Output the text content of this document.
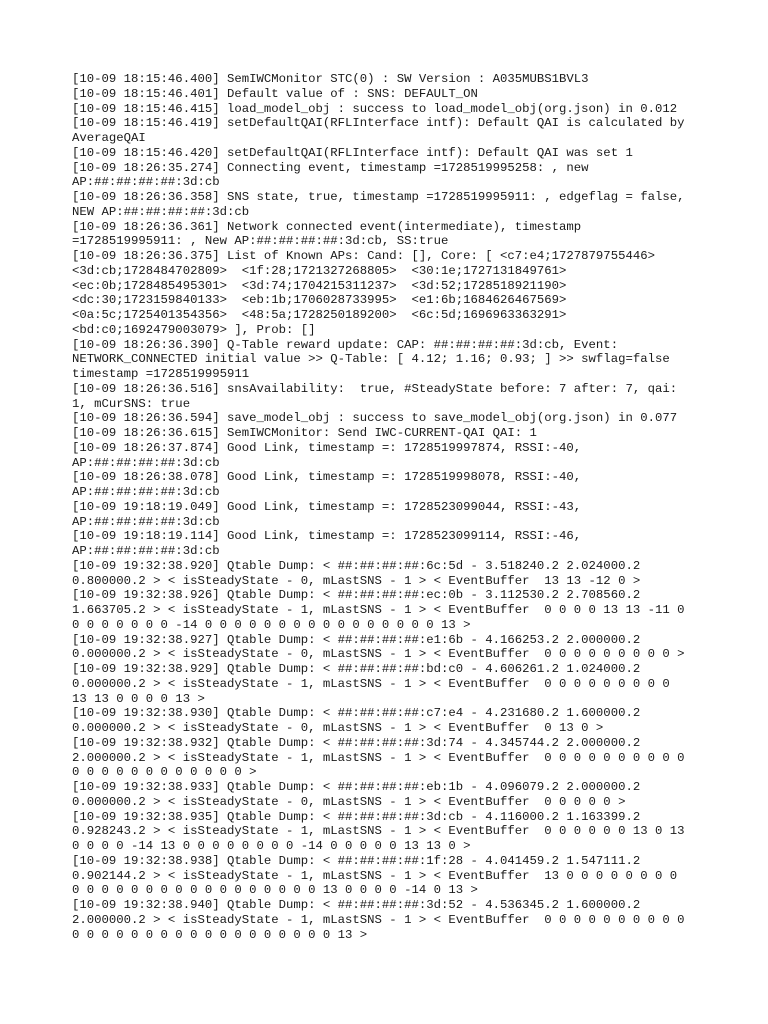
[10-09 18:15:46.400] SemIWCMonitor STC(0) : SW Version : A035MUBS1BVL3
[10-09 18:15:46.401] Default value of : SNS: DEFAULT_ON
[10-09 18:15:46.415] load_model_obj : success to load_model_obj(org.json) in 0.012
[10-09 18:15:46.419] setDefaultQAI(RFLInterface intf): Default QAI is calculated by
AverageQAI
[10-09 18:15:46.420] setDefaultQAI(RFLInterface intf): Default QAI was set 1
[10-09 18:26:35.274] Connecting event, timestamp =1728519995258: , new
AP:##:##:##:##:3d:cb
[10-09 18:26:36.358] SNS state, true, timestamp =1728519995911: , edgeflag = false,
NEW AP:##:##:##:##:3d:cb
[10-09 18:26:36.361] Network connected event(intermediate), timestamp
=1728519995911: , New AP:##:##:##:##:3d:cb, SS:true
[10-09 18:26:36.375] List of Known APs: Cand: [], Core: [ <c7:e4;1727879755446>
<3d:cb;1728484702809>  <1f:28;1721327268805>  <30:1e;1727131849761>
<ec:0b;1728485495301>  <3d:74;1704215311237>  <3d:52;1728518921190>
<dc:30;1723159840133>  <eb:1b;1706028733995>  <e1:6b;1684626467569>
<0a:5c;1725401354356>  <48:5a;1728250189200>  <6c:5d;1696963363291>
<bd:c0;1692479003079> ], Prob: []
[10-09 18:26:36.390] Q-Table reward update: CAP: ##:##:##:##:3d:cb, Event:
NETWORK_CONNECTED initial value >> Q-Table: [ 4.12; 1.16; 0.93; ] >> swflag=false
timestamp =1728519995911
[10-09 18:26:36.516] snsAvailability:  true, #SteadyState before: 7 after: 7, qai:
1, mCurSNS: true
[10-09 18:26:36.594] save_model_obj : success to save_model_obj(org.json) in 0.077
[10-09 18:26:36.615] SemIWCMonitor: Send IWC-CURRENT-QAI QAI: 1
[10-09 18:26:37.874] Good Link, timestamp =: 1728519997874, RSSI:-40,
AP:##:##:##:##:3d:cb
[10-09 18:26:38.078] Good Link, timestamp =: 1728519998078, RSSI:-40,
AP:##:##:##:##:3d:cb
[10-09 19:18:19.049] Good Link, timestamp =: 1728523099044, RSSI:-43,
AP:##:##:##:##:3d:cb
[10-09 19:18:19.114] Good Link, timestamp =: 1728523099114, RSSI:-46,
AP:##:##:##:##:3d:cb
[10-09 19:32:38.920] Qtable Dump: < ##:##:##:##:6c:5d - 3.518240.2 2.024000.2
0.800000.2 > < isSteadyState - 0, mLastSNS - 1 > < EventBuffer  13 13 -12 0 >
[10-09 19:32:38.926] Qtable Dump: < ##:##:##:##:ec:0b - 3.112530.2 2.708560.2
1.663705.2 > < isSteadyState - 1, mLastSNS - 1 > < EventBuffer  0 0 0 0 13 13 -11 0
0 0 0 0 0 0 0 -14 0 0 0 0 0 0 0 0 0 0 0 0 0 0 0 0 13 >
[10-09 19:32:38.927] Qtable Dump: < ##:##:##:##:e1:6b - 4.166253.2 2.000000.2
0.000000.2 > < isSteadyState - 0, mLastSNS - 1 > < EventBuffer  0 0 0 0 0 0 0 0 0 >
[10-09 19:32:38.929] Qtable Dump: < ##:##:##:##:bd:c0 - 4.606261.2 1.024000.2
0.000000.2 > < isSteadyState - 1, mLastSNS - 1 > < EventBuffer  0 0 0 0 0 0 0 0 0
13 13 0 0 0 0 13 >
[10-09 19:32:38.930] Qtable Dump: < ##:##:##:##:c7:e4 - 4.231680.2 1.600000.2
0.000000.2 > < isSteadyState - 0, mLastSNS - 1 > < EventBuffer  0 13 0 >
[10-09 19:32:38.932] Qtable Dump: < ##:##:##:##:3d:74 - 4.345744.2 2.000000.2
2.000000.2 > < isSteadyState - 1, mLastSNS - 1 > < EventBuffer  0 0 0 0 0 0 0 0 0 0
0 0 0 0 0 0 0 0 0 0 0 0 >
[10-09 19:32:38.933] Qtable Dump: < ##:##:##:##:eb:1b - 4.096079.2 2.000000.2
0.000000.2 > < isSteadyState - 0, mLastSNS - 1 > < EventBuffer  0 0 0 0 0 >
[10-09 19:32:38.935] Qtable Dump: < ##:##:##:##:3d:cb - 4.116000.2 1.163399.2
0.928243.2 > < isSteadyState - 1, mLastSNS - 1 > < EventBuffer  0 0 0 0 0 0 13 0 13
0 0 0 0 -14 13 0 0 0 0 0 0 0 0 -14 0 0 0 0 0 13 13 0 >
[10-09 19:32:38.938] Qtable Dump: < ##:##:##:##:1f:28 - 4.041459.2 1.547111.2
0.902144.2 > < isSteadyState - 1, mLastSNS - 1 > < EventBuffer  13 0 0 0 0 0 0 0 0
0 0 0 0 0 0 0 0 0 0 0 0 0 0 0 0 0 13 0 0 0 0 -14 0 13 >
[10-09 19:32:38.940] Qtable Dump: < ##:##:##:##:3d:52 - 4.536345.2 1.600000.2
2.000000.2 > < isSteadyState - 1, mLastSNS - 1 > < EventBuffer  0 0 0 0 0 0 0 0 0 0
0 0 0 0 0 0 0 0 0 0 0 0 0 0 0 0 0 0 13 >
